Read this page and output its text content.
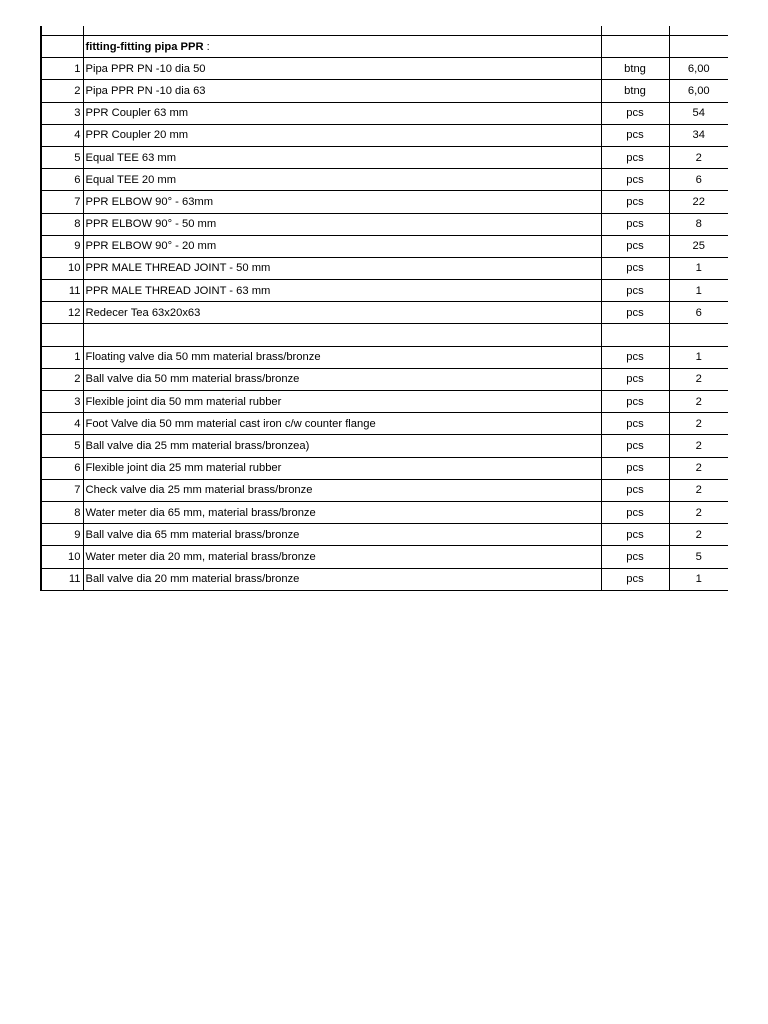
	fitting-fitting pipa PPR :		
1	Pipa PPR PN -10 dia 50	btng	6,00
2	Pipa PPR PN -10 dia 63	btng	6,00
3	PPR Coupler 63 mm	pcs	54
4	PPR Coupler 20 mm	pcs	34
5	Equal TEE 63 mm	pcs	2
6	Equal TEE 20 mm	pcs	6
7	PPR ELBOW 90° - 63mm	pcs	22
8	PPR ELBOW 90° - 50 mm	pcs	8
9	PPR ELBOW 90° - 20 mm	pcs	25
10	PPR MALE THREAD JOINT - 50 mm	pcs	1
11	PPR MALE THREAD JOINT - 63 mm	pcs	1
12	Redecer Tea 63x20x63	pcs	6

1	Floating valve dia 50 mm material brass/bronze	pcs	1
2	Ball valve dia 50 mm material brass/bronze	pcs	2
3	Flexible joint dia 50 mm material rubber	pcs	2
4	Foot Valve dia 50 mm material cast iron c/w counter flange	pcs	2
5	Ball valve dia 25 mm material brass/bronzea)	pcs	2
6	Flexible joint dia 25 mm material rubber	pcs	2
7	Check valve dia 25 mm material brass/bronze	pcs	2
8	Water meter dia 65 mm, material brass/bronze	pcs	2
9	Ball valve dia 65 mm material brass/bronze	pcs	2
10	Water meter dia 20 mm, material brass/bronze	pcs	5
11	Ball valve dia 20 mm material brass/bronze	pcs	1
